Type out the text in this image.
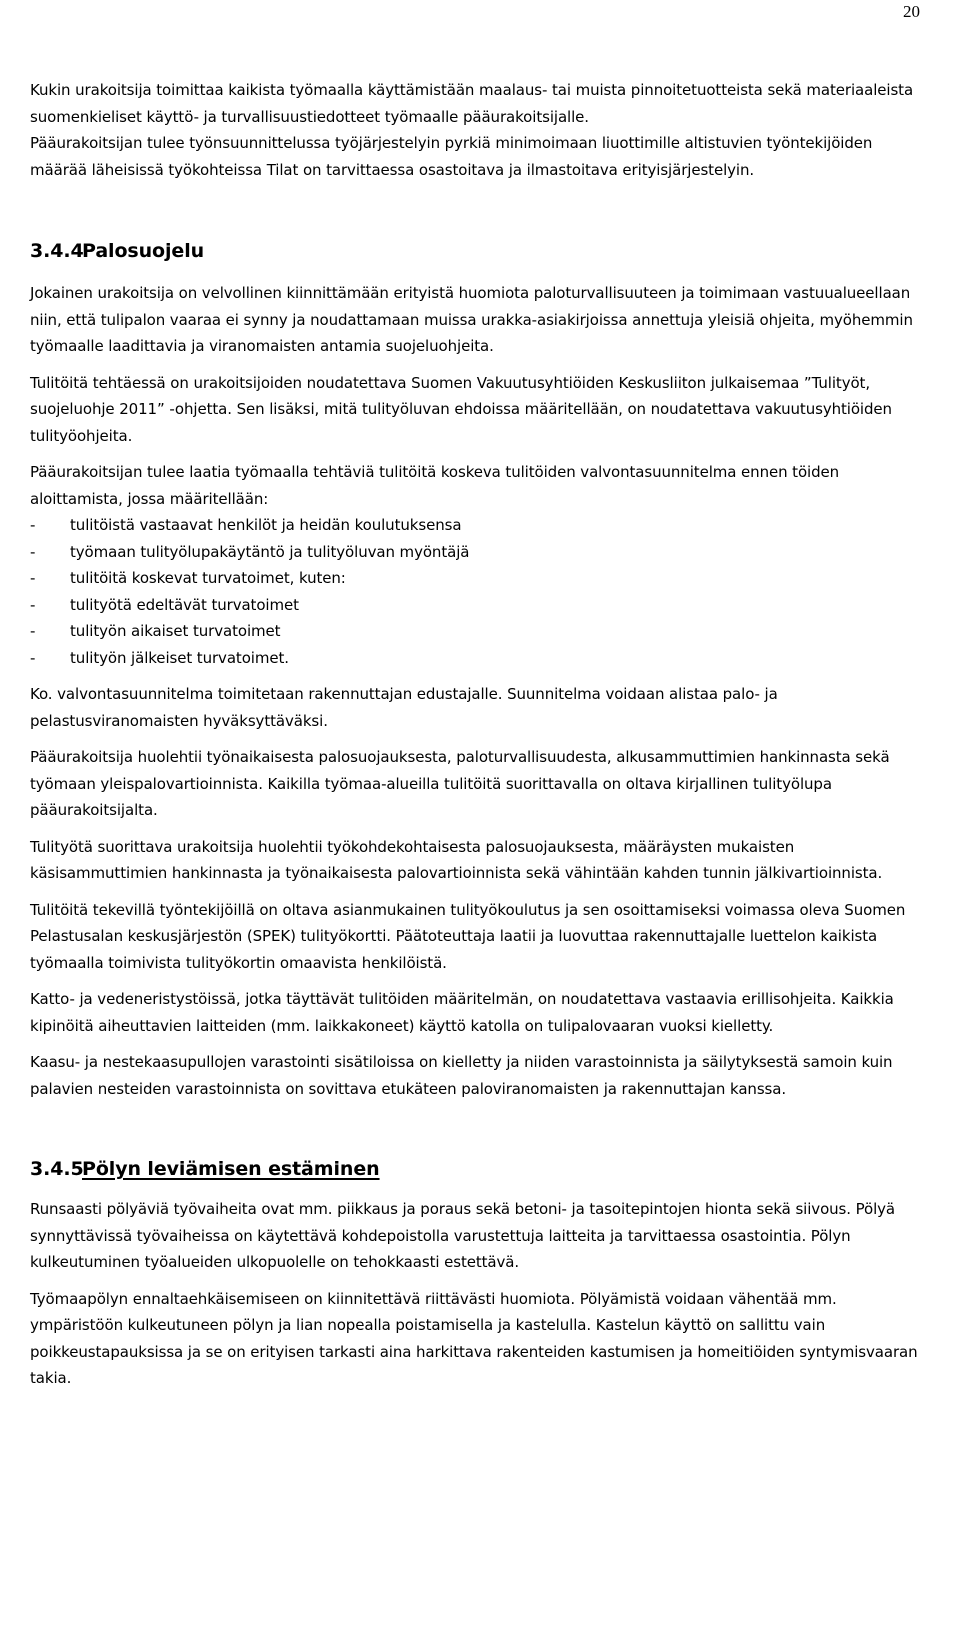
20

Kukin urakoitsija toimittaa kaikista työmaalla käyttämistään maalaus- tai muista pinnoitetuotteista sekä materiaaleista suomenkieliset käyttö- ja turvallisuustiedotteet työmaalle pääurakoitsijalle.

Pääurakoitsijan tulee työnsuunnittelussa työjärjestelyin pyrkiä minimoimaan liuottimille altistuvien työntekijöiden määrää läheisissä työkohteissa Tilat on tarvittaessa osastoitava ja ilmastoitava erityisjärjestelyin.

3.4.4
Palosuojelu

Jokainen urakoitsija on velvollinen kiinnittämään erityistä huomiota paloturvallisuuteen ja toimimaan vastuualueellaan niin, että tulipalon vaaraa ei synny ja noudattamaan muissa urakka-asiakirjoissa annettuja yleisiä ohjeita, myöhemmin työmaalle laadittavia ja viranomaisten antamia suojeluohjeita.

Tulitöitä tehtäessä on urakoitsijoiden noudatettava Suomen Vakuutusyhtiöiden Keskusliiton julkaisemaa ”Tulityöt, suojeluohje 2011” -ohjetta. Sen lisäksi, mitä tulityöluvan ehdoissa määritellään, on noudatettava vakuutusyhtiöiden tulityöohjeita.

Pääurakoitsijan tulee laatia työmaalla tehtäviä tulitöitä koskeva tulitöiden valvontasuunnitelma ennen töiden aloittamista, jossa määritellään:

-	tulitöistä vastaavat henkilöt ja heidän koulutuksensa
-	työmaan tulityölupakäytäntö ja tulityöluvan myöntäjä
-	tulitöitä koskevat turvatoimet, kuten:
-	tulityötä edeltävät turvatoimet
-	tulityön aikaiset turvatoimet
-	tulityön jälkeiset turvatoimet.

Ko. valvontasuunnitelma toimitetaan rakennuttajan edustajalle. Suunnitelma voidaan alistaa palo- ja pelastusviranomaisten hyväksyttäväksi.

Pääurakoitsija huolehtii työnaikaisesta palosuojauksesta, paloturvallisuudesta, alkusammuttimien hankinnasta sekä työmaan yleispalovartioinnista. Kaikilla työmaa-alueilla tulitöitä suorittavalla on oltava kirjallinen tulityölupa pääurakoitsijalta.

Tulityötä suorittava urakoitsija huolehtii työkohdekohtaisesta palosuojauksesta, määräysten mukaisten käsisammuttimien hankinnasta ja työnaikaisesta palovartioinnista sekä vähintään kahden tunnin jälkivartioinnista.

Tulitöitä tekevillä työntekijöillä on oltava asianmukainen tulityökoulutus ja sen osoittamiseksi voimassa oleva Suomen Pelastusalan keskusjärjestön (SPEK) tulityökortti. Päätoteuttaja laatii ja luovuttaa rakennuttajalle luettelon kaikista työmaalla toimivista tulityökortin omaavista henkilöistä.

Katto- ja vedeneristystöissä, jotka täyttävät tulitöiden määritelmän, on noudatettava vastaavia erillisohjeita. Kaikkia kipinöitä aiheuttavien laitteiden (mm. laikkakoneet) käyttö katolla on tulipalovaaran vuoksi kielletty.

Kaasu- ja nestekaasupullojen varastointi sisätiloissa on kielletty ja niiden varastoinnista ja säilytyksestä samoin kuin palavien nesteiden varastoinnista on sovittava etukäteen paloviranomaisten ja rakennuttajan kanssa.

3.4.5
Pölyn leviämisen estäminen

Runsaasti pölyäviä työvaiheita ovat mm. piikkaus ja poraus sekä betoni- ja tasoitepintojen hionta sekä siivous. Pölyä synnyttävissä työvaiheissa on käytettävä kohdepoistolla varustettuja laitteita ja tarvittaessa osastointia. Pölyn kulkeutuminen työalueiden ulkopuolelle on tehokkaasti estettävä.

Työmaapölyn ennaltaehkäisemiseen on kiinnitettävä riittävästi huomiota. Pölyämistä voidaan vähentää mm. ympäristöön kulkeutuneen pölyn ja lian nopealla poistamisella ja kastelulla. Kastelun käyttö on sallittu vain poikkeustapauksissa ja se on erityisen tarkasti aina harkittava rakenteiden kastumisen ja homeitiöiden syntymisvaaran takia.
